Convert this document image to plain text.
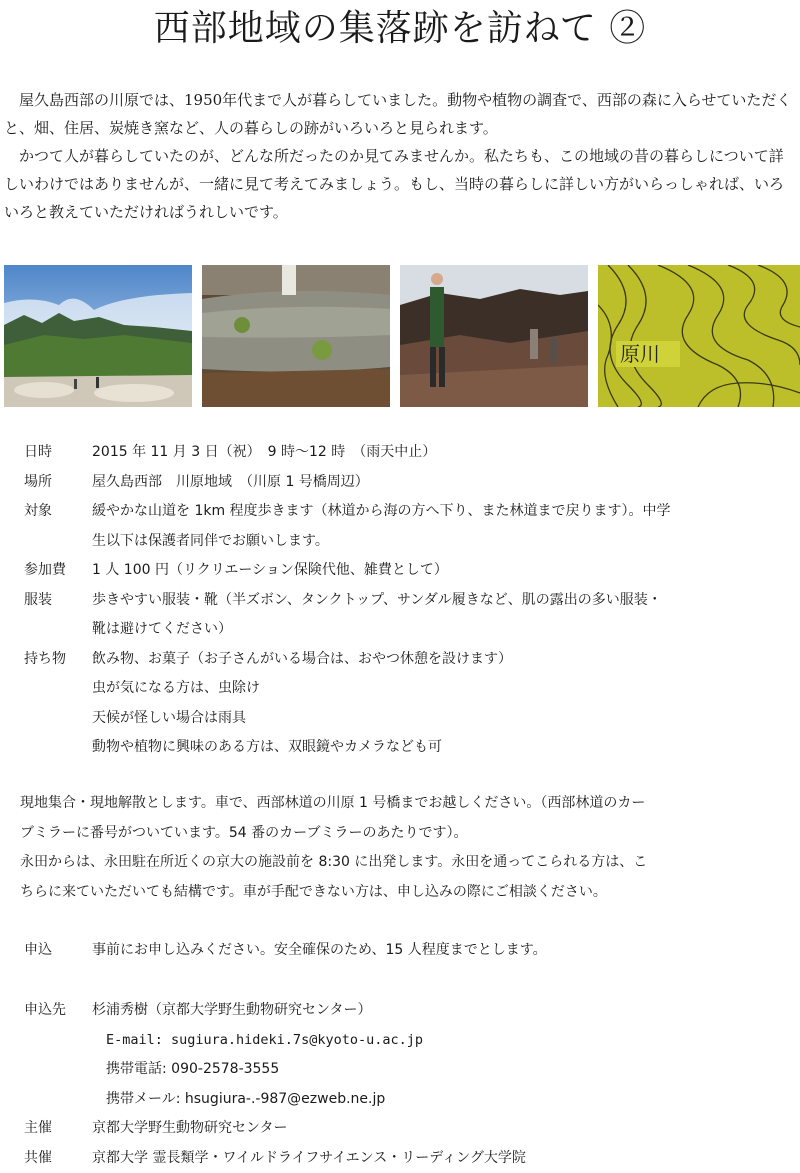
西部地域の集落跡を訪ねて ②

屋久島西部の川原では、1950年代まで人が暮らしていました。動物や植物の調査で、西部の森に入らせていただくと、畑、住居、炭焼き窯など、人の暮らしの跡がいろいろと見られます。

かつて人が暮らしていたのが、どんな所だったのか見てみませんか。私たちも、この地域の昔の暮らしについて詳しいわけではありませんが、一緒に見て考えてみましょう。もし、当時の暮らしに詳しい方がいらっしゃれば、いろいろと教えていただければうれしいです。

原川
日時	2015 年 11 月 3 日（祝）　9 時～12 時　（雨天中止）
場所	屋久島西部　川原地域　（川原 1 号橋周辺）
対象	緩やかな山道を 1km 程度歩きます（林道から海の方へ下り、また林道まで戻ります）。中学
生以下は保護者同伴でお願いします。
参加費	1 人 100 円（リクリエーション保険代他、雑費として）
服装	歩きやすい服装・靴（半ズボン、タンクトップ、サンダル履きなど、肌の露出の多い服装・
靴は避けてください）
持ち物	飲み物、お菓子（お子さんがいる場合は、おやつ休憩を設けます）
虫が気になる方は、虫除け
天候が怪しい場合は雨具
動物や植物に興味のある方は、双眼鏡やカメラなども可
現地集合・現地解散とします。車で、西部林道の川原 1 号橋までお越しください。（西部林道のカー
ブミラーに番号がついています。54 番のカーブミラーのあたりです）。
永田からは、永田駐在所近くの京大の施設前を 8:30 に出発します。永田を通ってこられる方は、こ
ちらに来ていただいても結構です。車が手配できない方は、申し込みの際にご相談ください。
申込	事前にお申し込みください。安全確保のため、15 人程度までとします。
申込先	杉浦秀樹（京都大学野生動物研究センター）
E-mail: sugiura.hideki.7s@kyoto-u.ac.jp
携帯電話: 090-2578-3555
携帯メール: hsugiura-.-987@ezweb.ne.jp
主催	京都大学野生動物研究センター
共催	京都大学 霊長類学・ワイルドライフサイエンス・リーディング大学院
